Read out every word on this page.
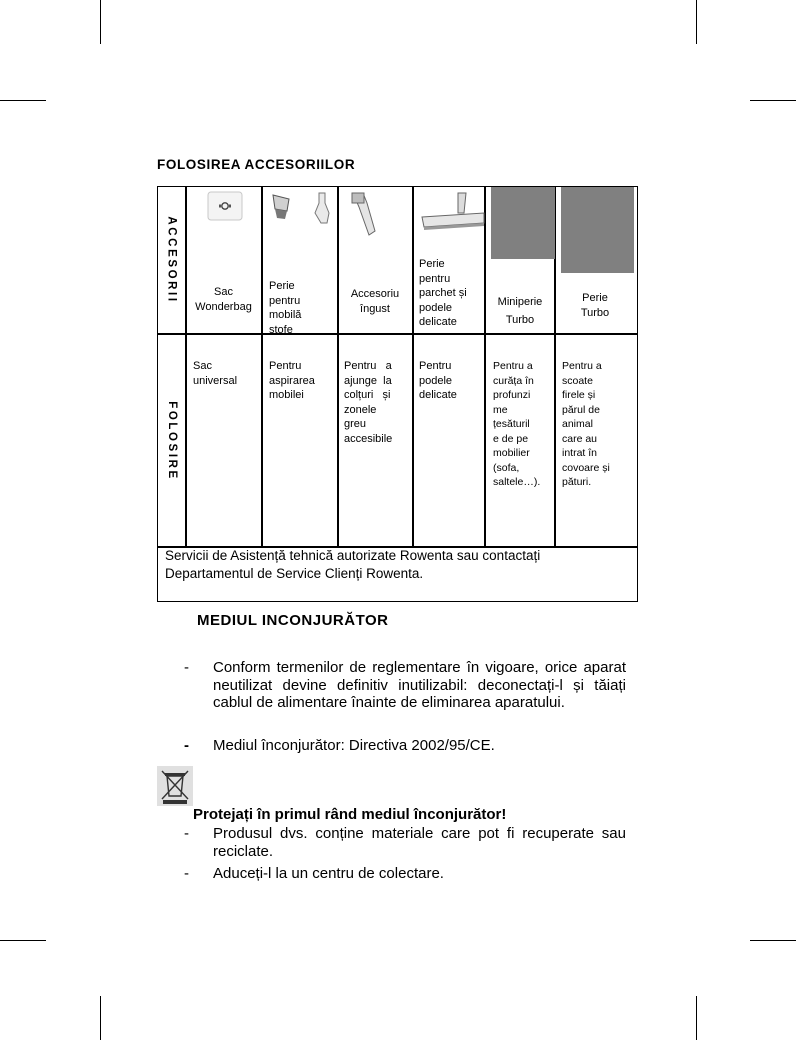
FOLOSIREA ACCESORIILOR
ACCESORII
FOLOSIRE
Sac
Wonderbag
Perie
pentru
mobilă
stofe
Accesoriu
îngust
Perie
pentru
parchet și
podele
delicate
Miniperie
Turbo
Perie
Turbo
Sac
universal
Pentru
aspirarea
mobilei
Pentru   a
ajunge  la
colțuri   și
zonele
greu
accesibile
Pentru
podele
delicate
Pentru a
curăța în
profunzi
me
țesăturil
e de pe
mobilier
(sofa,
saltele…).
Pentru a
scoate
firele și
părul de
animal
care au
intrat în
covoare și
pături.
Servicii de Asistență tehnică autorizate Rowenta sau contactați
Departamentul de Service Clienți Rowenta.
MEDIUL INCONJURĂTOR
- Conform termenilor de reglementare în vigoare, orice aparat neutilizat devine definitiv inutilizabil: deconectați-l și tăiați cablul de alimentare înainte de eliminarea aparatului.
- Mediul înconjurător: Directiva 2002/95/CE.
Protejați în primul rând mediul înconjurător!
- Produsul dvs. conține materiale care pot fi recuperate sau reciclate.
- Aduceți-l la un centru de colectare.
